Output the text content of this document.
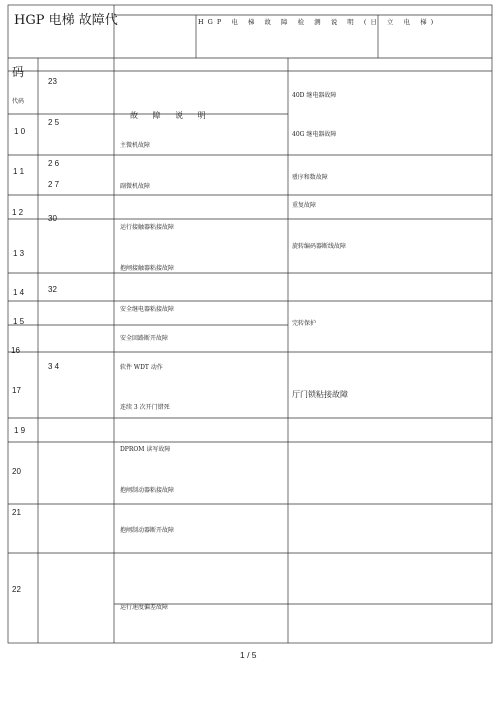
HGP 电梯 故障代	HGP 电 梯 故 障 检 测 说 明 (日 立 电 梯)
码
代码
1 0
1 1
1 2
1 3
1 4
1 5
16
17
1 9
20
21
22
23
2 5
2 6
2 7
30
32
3 4
故 障 说 明
主微机故障
副微机故障
运行接触器粘接故障
抱闸接触器粘接故障
安全继电器粘接故障
安全回路断开故障
软件 WDT 动作
连续 3 次开门错死
DPROM 读写故障
抱闸制动器粘接故障
抱闸制动器断开故障
运行速度偏差故障
40D 继电器故障
40G 继电器故障
됐序和数故障
重复故障
旋转编码器断线故障
完转保护
厅门锁粘接故障
1 / 5
